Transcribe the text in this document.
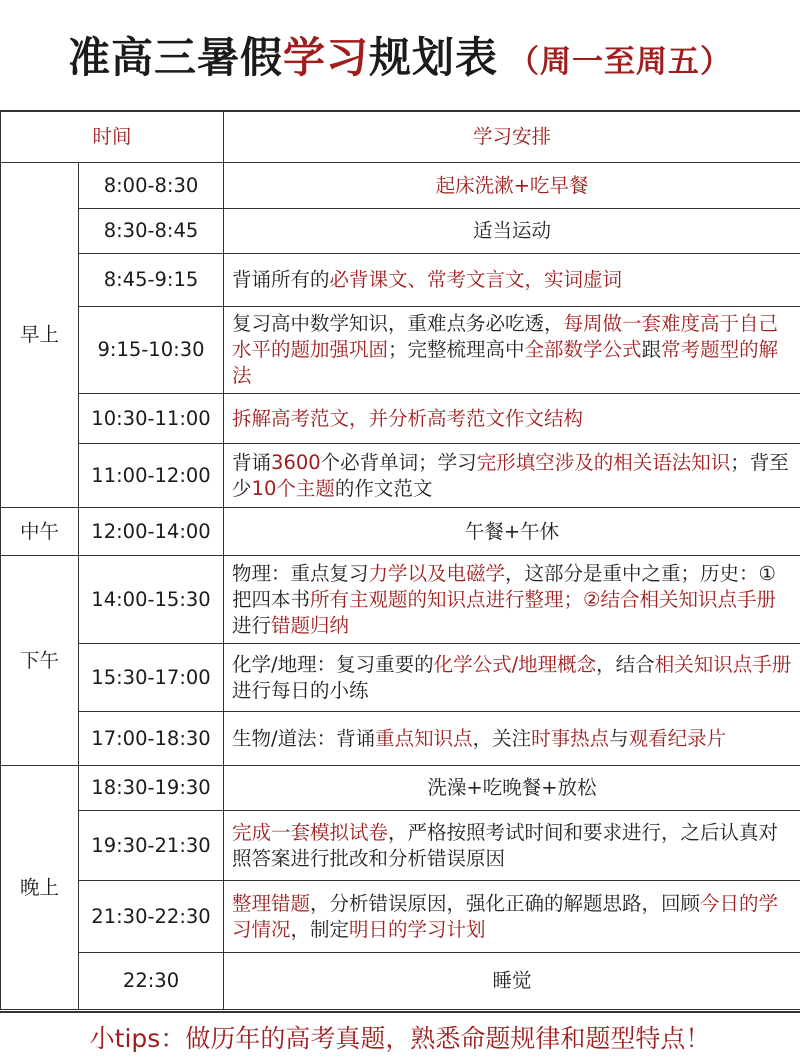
准高三暑假学习规划表 （周一至周五）
时间		学习安排
早上	8:00-8:30	起床洗漱+吃早餐
	8:30-8:45	适当运动
	8:45-9:15	背诵所有的必背课文、常考文言文，实词虚词
	9:15-10:30	复习高中数学知识，重难点务必吃透，每周做一套难度高于自己水平的题加强巩固；完整梳理高中全部数学公式跟常考题型的解法
	10:30-11:00	拆解高考范文，并分析高考范文作文结构
	11:00-12:00	背诵3600个必背单词；学习完形填空涉及的相关语法知识；背至少10个主题的作文范文
中午	12:00-14:00	午餐+午休
下午	14:00-15:30	物理：重点复习力学以及电磁学，这部分是重中之重；历史：①把四本书所有主观题的知识点进行整理；②结合相关知识点手册进行错题归纳
	15:30-17:00	化学/地理：复习重要的化学公式/地理概念，结合相关知识点手册进行每日的小练
	17:00-18:30	生物/道法：背诵重点知识点，关注时事热点与观看纪录片
晚上	18:30-19:30	洗澡+吃晚餐+放松
	19:30-21:30	完成一套模拟试卷，严格按照考试时间和要求进行，之后认真对照答案进行批改和分析错误原因
	21:30-22:30	整理错题，分析错误原因，强化正确的解题思路，回顾今日的学习情况，制定明日的学习计划
	22:30	睡觉
小tips：做历年的高考真题，熟悉命题规律和题型特点！
